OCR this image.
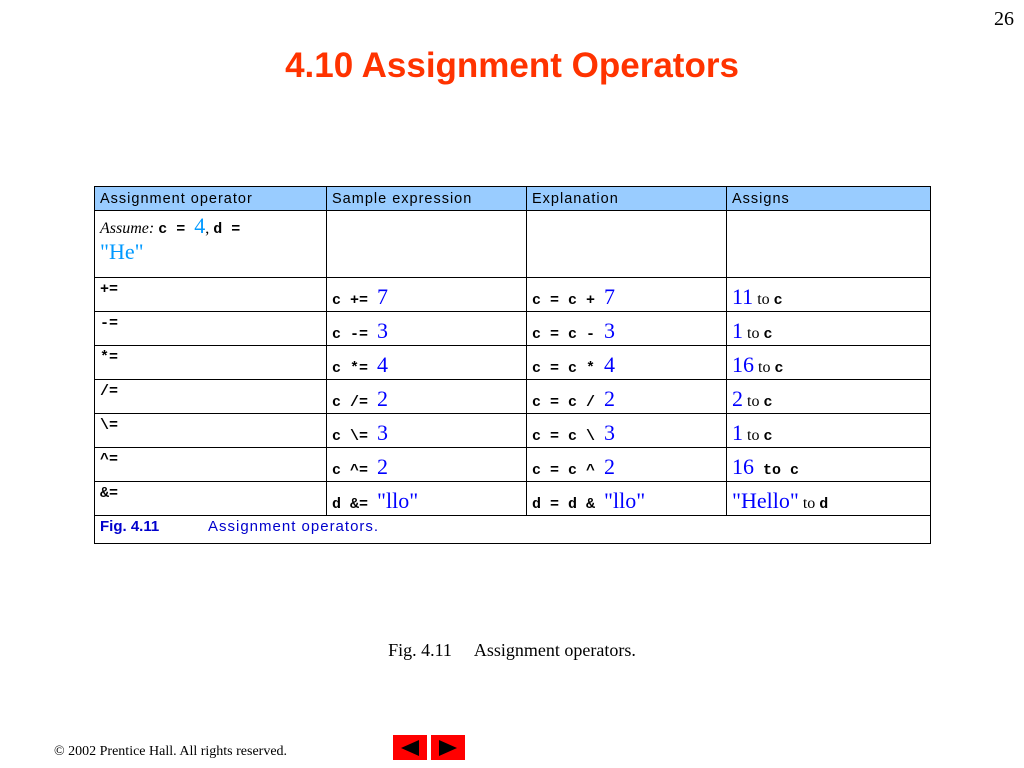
26
4.10 Assignment Operators
Assignment operator	Sample expression	Explanation	Assigns
Assume: c = 4, d =
"He"			
+=	c += 7	c = c + 7	11 to c
-=	c -= 3	c = c - 3	1 to c
*=	c *= 4	c = c * 4	16 to c
/=	c /= 2	c = c / 2	2 to c
\=	c \= 3	c = c \ 3	1 to c
^=	c ^= 2	c = c ^ 2	16 to c
&=	d &= "llo"	d = d & "llo"	"Hello" to d
Fig. 4.11 Assignment operators.			
Fig. 4.11 Assignment operators.
© 2002 Prentice Hall. All rights reserved.
